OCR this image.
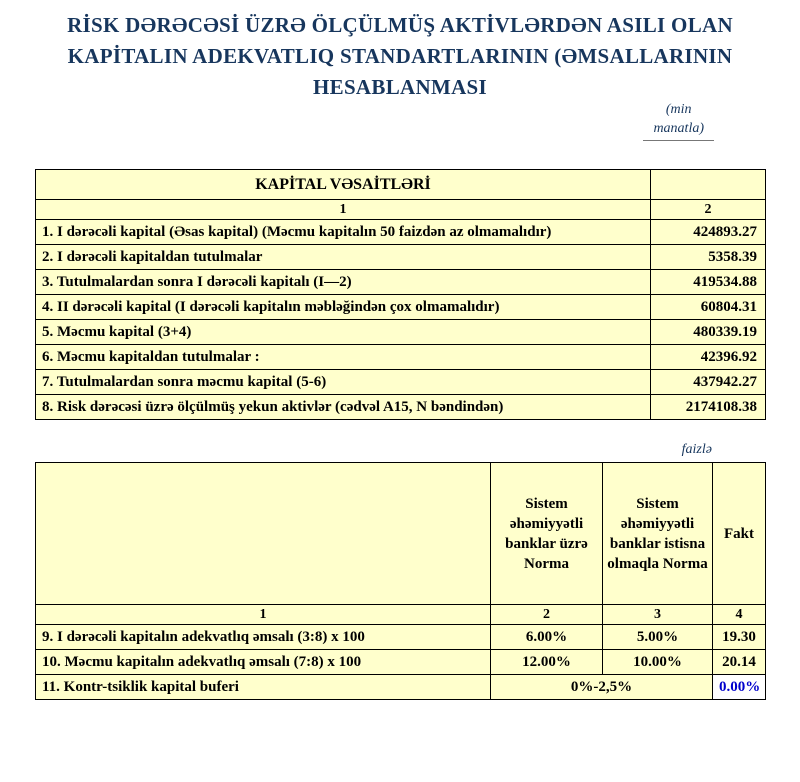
RİSK DƏRƏCƏSİ ÜZRƏ ÖLÇÜLMÜŞ AKTİVLƏRDƏN ASILI OLAN
KAPİTALIN ADEKVATLIQ STANDARTLARININ (ƏMSALLARININ
HESABLANMASI
(min
manatla)
KAPİTAL VƏSAİTLƏRİ	
1	2
1. I dərəcəli kapital (Əsas kapital) (Məcmu kapitalın 50 faizdən az olmamalıdır)	424893.27
2. I dərəcəli kapitaldan tutulmalar	5358.39
3. Tutulmalardan sonra I dərəcəli kapitalı (I—2)	419534.88
4. II dərəcəli kapital (I dərəcəli kapitalın məbləğindən çox olmamalıdır)	60804.31
5. Məcmu kapital (3+4)	480339.19
6. Məcmu kapitaldan tutulmalar :	42396.92
7. Tutulmalardan sonra məcmu kapital (5-6)	437942.27
8. Risk dərəcəsi üzrə ölçülmüş yekun aktivlər (cədvəl A15, N bəndindən)	2174108.38
faizlə
	Sistem əhəmiyyətli banklar üzrə Norma	Sistem əhəmiyyətli banklar istisna olmaqla Norma	Fakt
1	2	3	4
9. I dərəcəli kapitalın adekvatlıq əmsalı (3:8) x 100	6.00%	5.00%	19.30
10. Məcmu kapitalın adekvatlıq əmsalı (7:8) x 100	12.00%	10.00%	20.14
11. Kontr-tsiklik kapital buferi	0%-2,5%		0.00%
